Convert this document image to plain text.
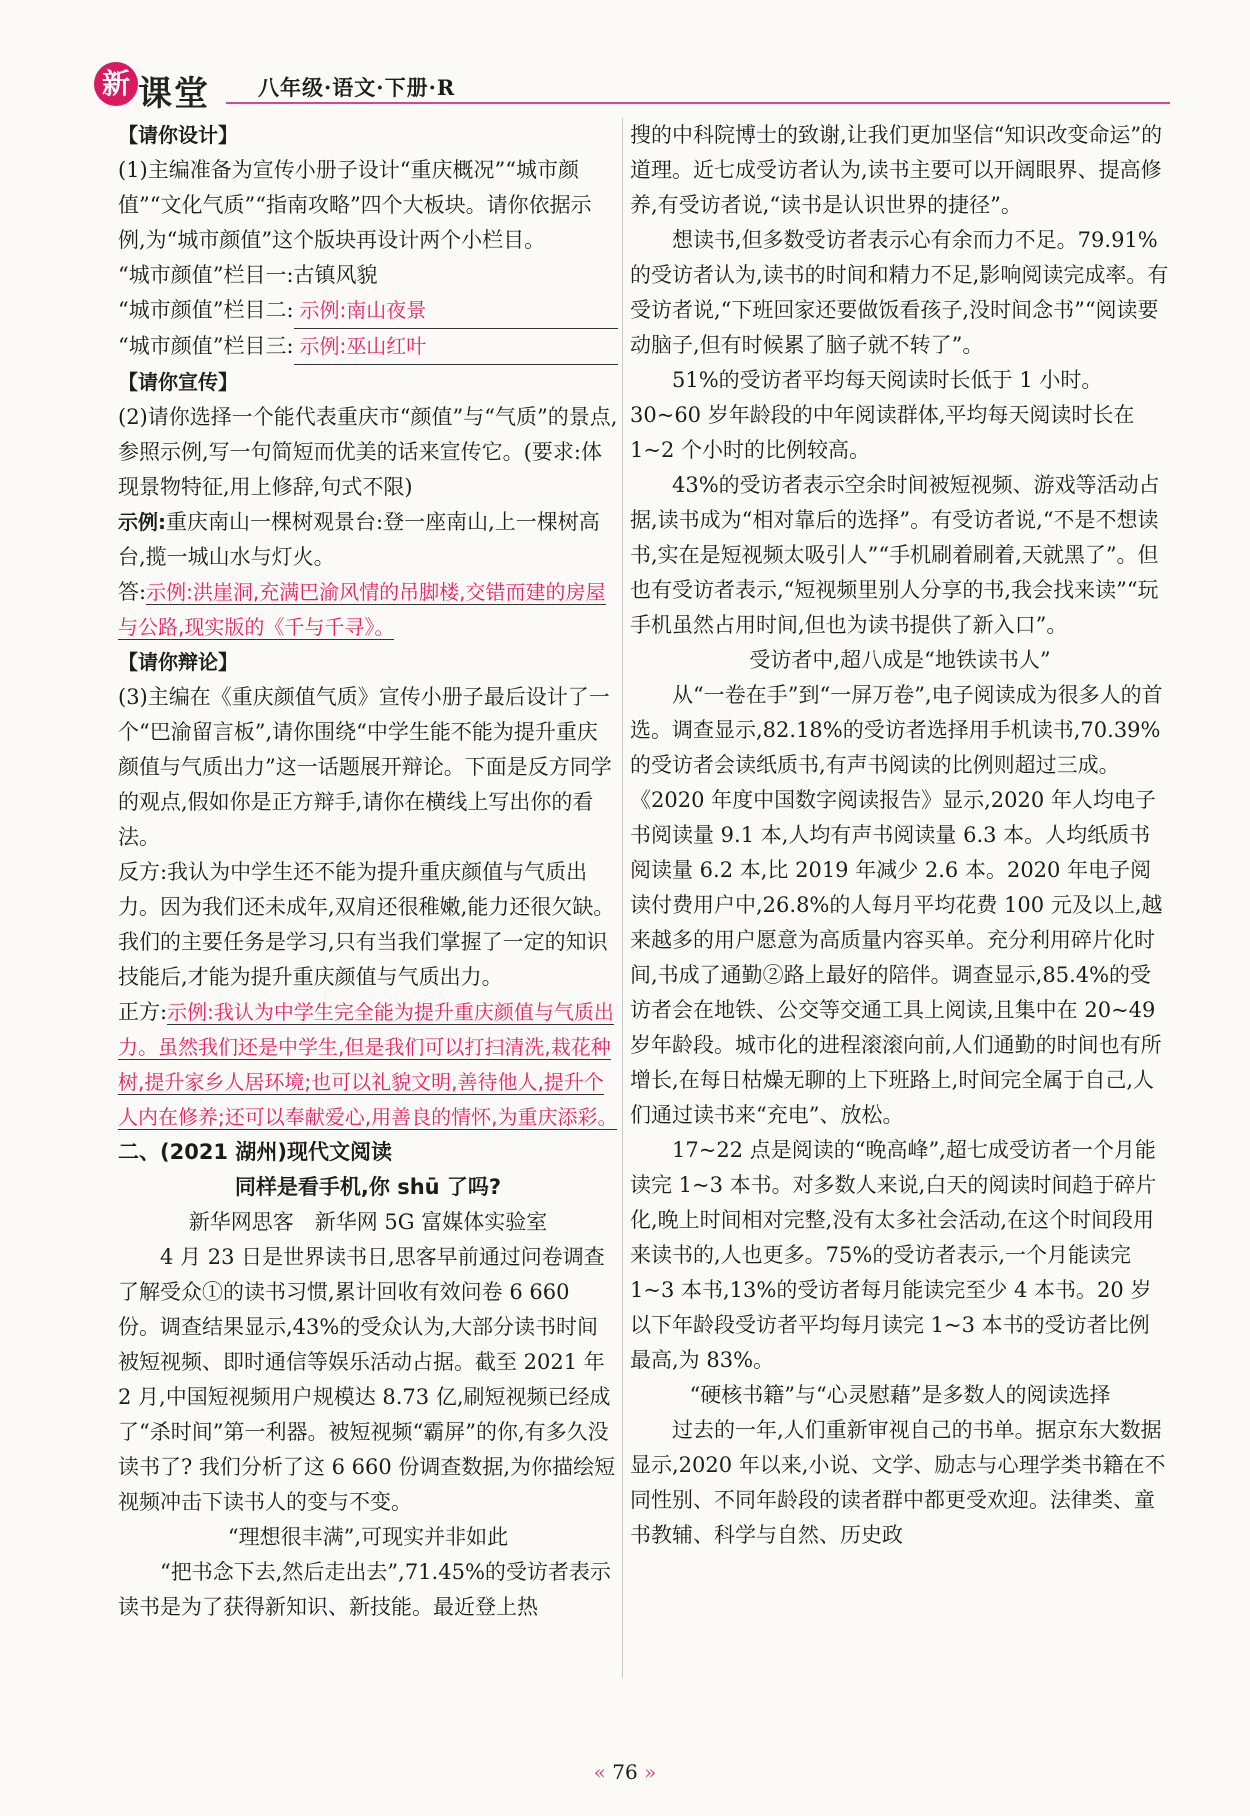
新 课堂 八年级·语文·下册·R

【请你设计】

(1)主编准备为宣传小册子设计“重庆概况”“城市颜值”“文化气质”“指南攻略”四个大板块。请你依据示例,为“城市颜值”这个版块再设计两个小栏目。

“城市颜值”栏目一:古镇风貌

“城市颜值”栏目二: 示例:南山夜景
“城市颜值”栏目三: 示例:巫山红叶

【请你宣传】

(2)请你选择一个能代表重庆市“颜值”与“气质”的景点,参照示例,写一句简短而优美的话来宣传它。(要求:体现景物特征,用上修辞,句式不限)

示例:重庆南山一棵树观景台:登一座南山,上一棵树高台,揽一城山水与灯火。

答:示例:洪崖洞,充满巴渝风情的吊脚楼,交错而建的房屋与公路,现实版的《千与千寻》。

【请你辩论】

(3)主编在《重庆颜值气质》宣传小册子最后设计了一个“巴渝留言板”,请你围绕“中学生能不能为提升重庆颜值与气质出力”这一话题展开辩论。下面是反方同学的观点,假如你是正方辩手,请你在横线上写出你的看法。

反方:我认为中学生还不能为提升重庆颜值与气质出力。因为我们还未成年,双肩还很稚嫩,能力还很欠缺。我们的主要任务是学习,只有当我们掌握了一定的知识技能后,才能为提升重庆颜值与气质出力。

正方:示例:我认为中学生完全能为提升重庆颜值与气质出力。虽然我们还是中学生,但是我们可以打扫清洗,栽花种树,提升家乡人居环境;也可以礼貌文明,善待他人,提升个人内在修养;还可以奉献爱心,用善良的情怀,为重庆添彩。

二、(2021 湖州)现代文阅读

同样是看手机,你 shū 了吗?

新华网思客　新华网 5G 富媒体实验室

4 月 23 日是世界读书日,思客早前通过问卷调查了解受众①的读书习惯,累计回收有效问卷 6 660 份。调查结果显示,43%的受众认为,大部分读书时间被短视频、即时通信等娱乐活动占据。截至 2021 年 2 月,中国短视频用户规模达 8.73 亿,刷短视频已经成了“杀时间”第一利器。被短视频“霸屏”的你,有多久没读书了? 我们分析了这 6 660 份调查数据,为你描绘短视频冲击下读书人的变与不变。

“理想很丰满”,可现实并非如此

“把书念下去,然后走出去”,71.45%的受访者表示读书是为了获得新知识、新技能。最近登上热

搜的中科院博士的致谢,让我们更加坚信“知识改变命运”的道理。近七成受访者认为,读书主要可以开阔眼界、提高修养,有受访者说,“读书是认识世界的捷径”。

想读书,但多数受访者表示心有余而力不足。79.91%的受访者认为,读书的时间和精力不足,影响阅读完成率。有受访者说,“下班回家还要做饭看孩子,没时间念书”“阅读要动脑子,但有时候累了脑子就不转了”。

51%的受访者平均每天阅读时长低于 1 小时。30~60 岁年龄段的中年阅读群体,平均每天阅读时长在 1~2 个小时的比例较高。

43%的受访者表示空余时间被短视频、游戏等活动占据,读书成为“相对靠后的选择”。有受访者说,“不是不想读书,实在是短视频太吸引人”“手机刷着刷着,天就黑了”。但也有受访者表示,“短视频里别人分享的书,我会找来读”“玩手机虽然占用时间,但也为读书提供了新入口”。

受访者中,超八成是“地铁读书人”

从“一卷在手”到“一屏万卷”,电子阅读成为很多人的首选。调查显示,82.18%的受访者选择用手机读书,70.39%的受访者会读纸质书,有声书阅读的比例则超过三成。《2020 年度中国数字阅读报告》显示,2020 年人均电子书阅读量 9.1 本,人均有声书阅读量 6.3 本。人均纸质书阅读量 6.2 本,比 2019 年减少 2.6 本。2020 年电子阅读付费用户中,26.8%的人每月平均花费 100 元及以上,越来越多的用户愿意为高质量内容买单。充分利用碎片化时间,书成了通勤②路上最好的陪伴。调查显示,85.4%的受访者会在地铁、公交等交通工具上阅读,且集中在 20~49 岁年龄段。城市化的进程滚滚向前,人们通勤的时间也有所增长,在每日枯燥无聊的上下班路上,时间完全属于自己,人们通过读书来“充电”、放松。

17~22 点是阅读的“晚高峰”,超七成受访者一个月能读完 1~3 本书。对多数人来说,白天的阅读时间趋于碎片化,晚上时间相对完整,没有太多社会活动,在这个时间段用来读书的,人也更多。75%的受访者表示,一个月能读完 1~3 本书,13%的受访者每月能读完至少 4 本书。20 岁以下年龄段受访者平均每月读完 1~3 本书的受访者比例最高,为 83%。

“硬核书籍”与“心灵慰藉”是多数人的阅读选择

过去的一年,人们重新审视自己的书单。据京东大数据显示,2020 年以来,小说、文学、励志与心理学类书籍在不同性别、不同年龄段的读者群中都更受欢迎。法律类、童书教辅、科学与自然、历史政

« 76 »
